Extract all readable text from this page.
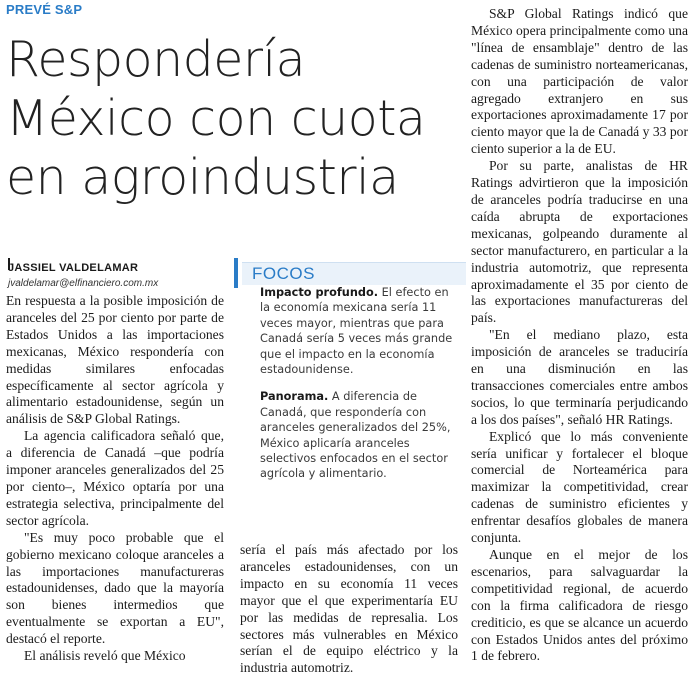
PREVÉ S&P
Respondería
México con cuota
en agroindustria
JASSIEL VALDELAMAR
jvaldelamar@elfinanciero.com.mx

En respuesta a la posible imposición de aranceles del 25 por ciento por parte de Estados Unidos a las importaciones mexicanas, México respondería con medidas similares enfocadas específicamente al sector agrícola y alimentario estadounidense, según un análisis de S&P Global Ratings.

La agencia calificadora señaló que, a diferencia de Canadá –que podría imponer aranceles generalizados del 25 por ciento–, México optaría por una estrategia selectiva, principalmente del sector agrícola.

"Es muy poco probable que el gobierno mexicano coloque aranceles a las importaciones manufactureras estadounidenses, dado que la mayoría son bienes intermedios que eventualmente se exportan a EU", destacó el reporte.

El análisis reveló que México

FOCOS

Impacto profundo. El efecto en la economía mexicana sería 11 veces mayor, mientras que para Canadá sería 5 veces más grande que el impacto en la economía estadounidense.

Panorama. A diferencia de Canadá, que respondería con aranceles generalizados del 25%, México aplicaría aranceles selectivos enfocados en el sector agrícola y alimentario.

sería el país más afectado por los aranceles estadounidenses, con un impacto en su economía 11 veces mayor que el que experimentaría EU por las medidas de represalia. Los sectores más vulnerables en México serían el de equipo eléctrico y la industria automotriz.

S&P Global Ratings indicó que México opera principalmente como una "línea de ensamblaje" dentro de las cadenas de suministro norteamericanas, con una participación de valor agregado extranjero en sus exportaciones aproximadamente 17 por ciento mayor que la de Canadá y 33 por ciento superior a la de EU.

Por su parte, analistas de HR Ratings advirtieron que la imposición de aranceles podría traducirse en una caída abrupta de exportaciones mexicanas, golpeando duramente al sector manufacturero, en particular a la industria automotriz, que representa aproximadamente el 35 por ciento de las exportaciones manufactureras del país.

"En el mediano plazo, esta imposición de aranceles se traduciría en una disminución en las transacciones comerciales entre ambos socios, lo que terminaría perjudicando a los dos países", señaló HR Ratings.

Explicó que lo más conveniente sería unificar y fortalecer el bloque comercial de Norteamérica para maximizar la competitividad, crear cadenas de suministro eficientes y enfrentar desafíos globales de manera conjunta.

Aunque en el mejor de los escenarios, para salvaguardar la competitividad regional, de acuerdo con la firma calificadora de riesgo crediticio, es que se alcance un acuerdo con Estados Unidos antes del próximo 1 de febrero.
